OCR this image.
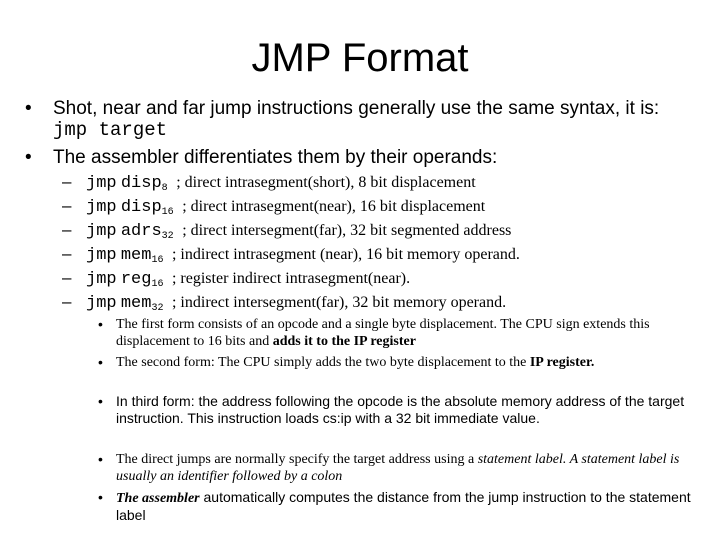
JMP Format
• Shot, near and far jump instructions generally use the same syntax, it is:
jmp target
• The assembler differentiates them by their operands:
– jmp disp$_8$ ; direct intrasegment(short), 8 bit displacement
– jmp disp$_{16}$ ; direct intrasegment(near), 16 bit displacement
– jmp adrs$_{32}$ ; direct intersegment(far), 32 bit segmented address
– jmp mem$_{16}$ ; indirect intrasegment (near), 16 bit memory operand.
– jmp reg$_{16}$ ; register indirect intrasegment(near).
– jmp mem$_{32}$ ; indirect intersegment(far), 32 bit memory operand.
• The first form consists of an opcode and a single byte displacement. The CPU sign extends this displacement to 16 bits and adds it to the IP register
• The second form: The CPU simply adds the two byte displacement to the IP register.
• In third form: the address following the opcode is the absolute memory address of the target instruction. This instruction loads cs:ip with a 32 bit immediate value.
• The direct jumps are normally specify the target address using a statement label. A statement label is usually an identifier followed by a colon
• The assembler automatically computes the distance from the jump instruction to the statement label
